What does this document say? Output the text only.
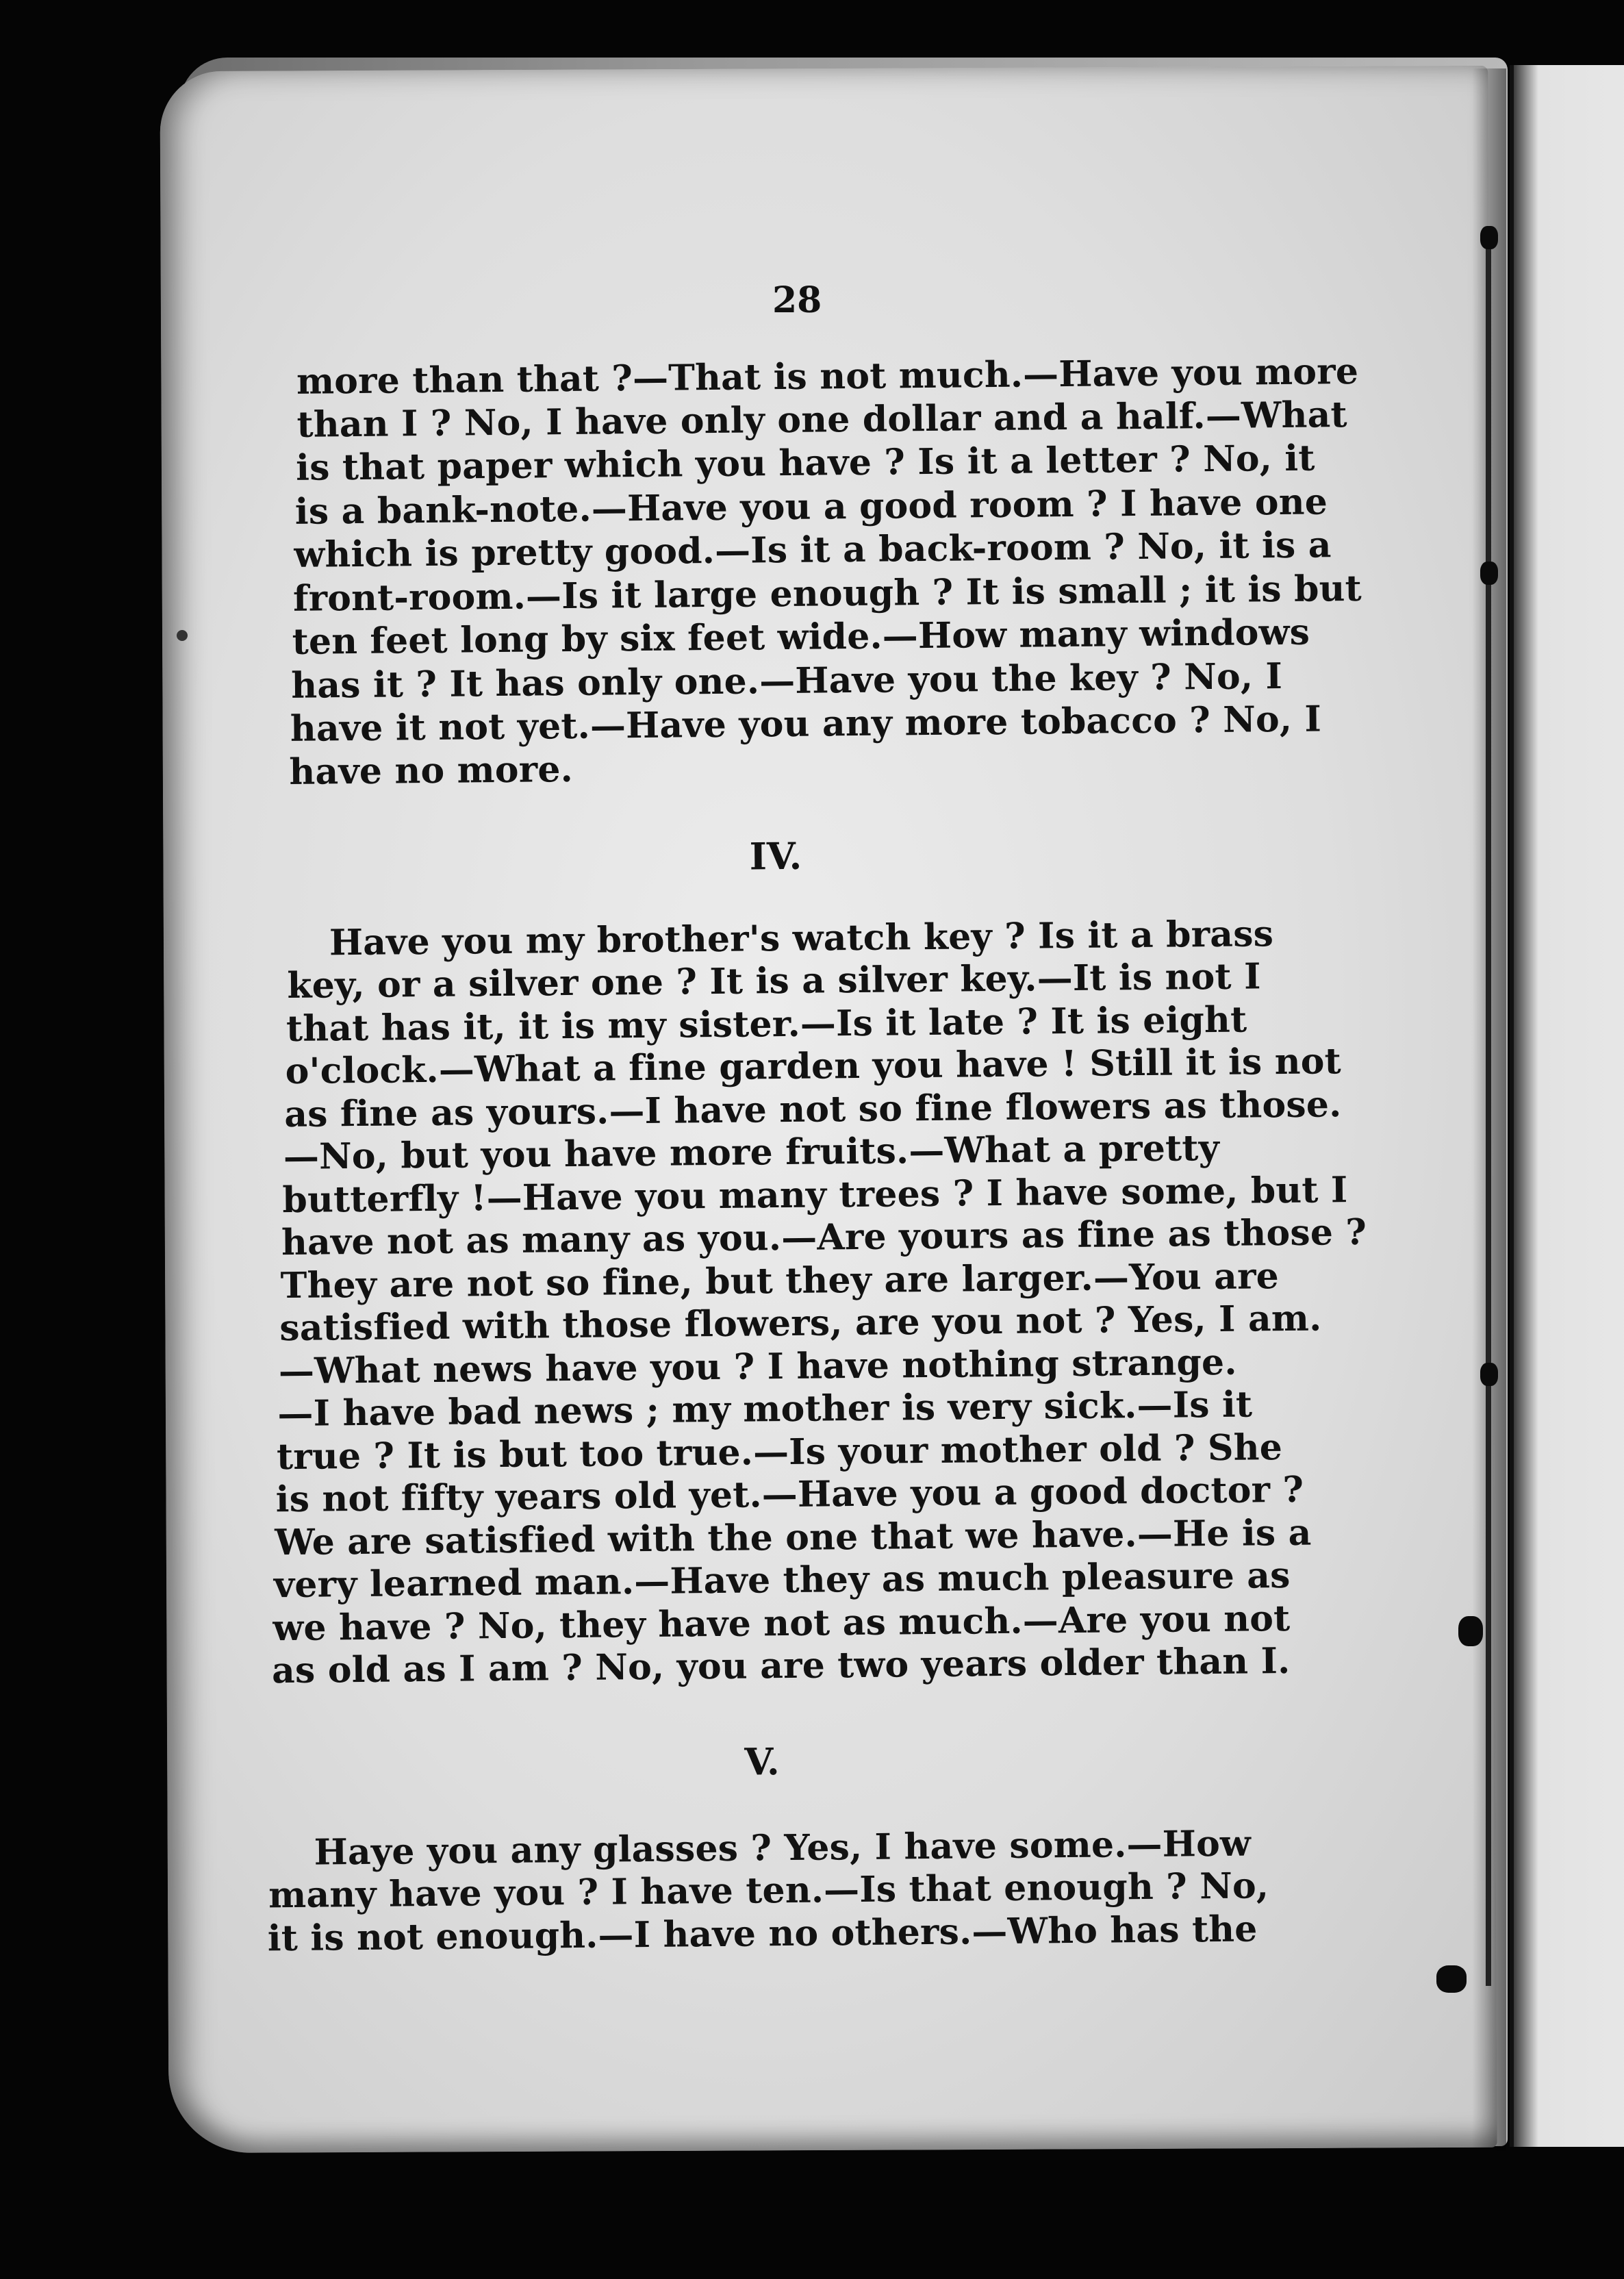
28
more than that ?—That is not much.—Have you more
than I ? No, I have only one dollar and a half.—What
is that paper which you have ? Is it a letter ? No, it
is a bank-note.—Have you a good room ? I have one
which is pretty good.—Is it a back-room ? No, it is a
front-room.—Is it large enough ? It is small ; it is but
ten feet long by six feet wide.—How many windows
has it ? It has only one.—Have you the key ? No, I
have it not yet.—Have you any more tobacco ? No, I
have no more.
IV.
Have you my brother's watch key ? Is it a brass
key, or a silver one ? It is a silver key.—It is not I
that has it, it is my sister.—Is it late ? It is eight
o'clock.—What a fine garden you have ! Still it is not
as fine as yours.—I have not so fine flowers as those.
—No, but you have more fruits.—What a pretty
butterfly !—Have you many trees ? I have some, but I
have not as many as you.—Are yours as fine as those ?
They are not so fine, but they are larger.—You are
satisfied with those flowers, are you not ? Yes, I am.
—What news have you ? I have nothing strange.
—I have bad news ; my mother is very sick.—Is it
true ? It is but too true.—Is your mother old ? She
is not fifty years old yet.—Have you a good doctor ?
We are satisfied with the one that we have.—He is a
very learned man.—Have they as much pleasure as
we have ? No, they have not as much.—Are you not
as old as I am ? No, you are two years older than I.
V.
Haye you any glasses ? Yes, I have some.—How
many have you ? I have ten.—Is that enough ? No,
it is not enough.—I have no others.—Who has the
